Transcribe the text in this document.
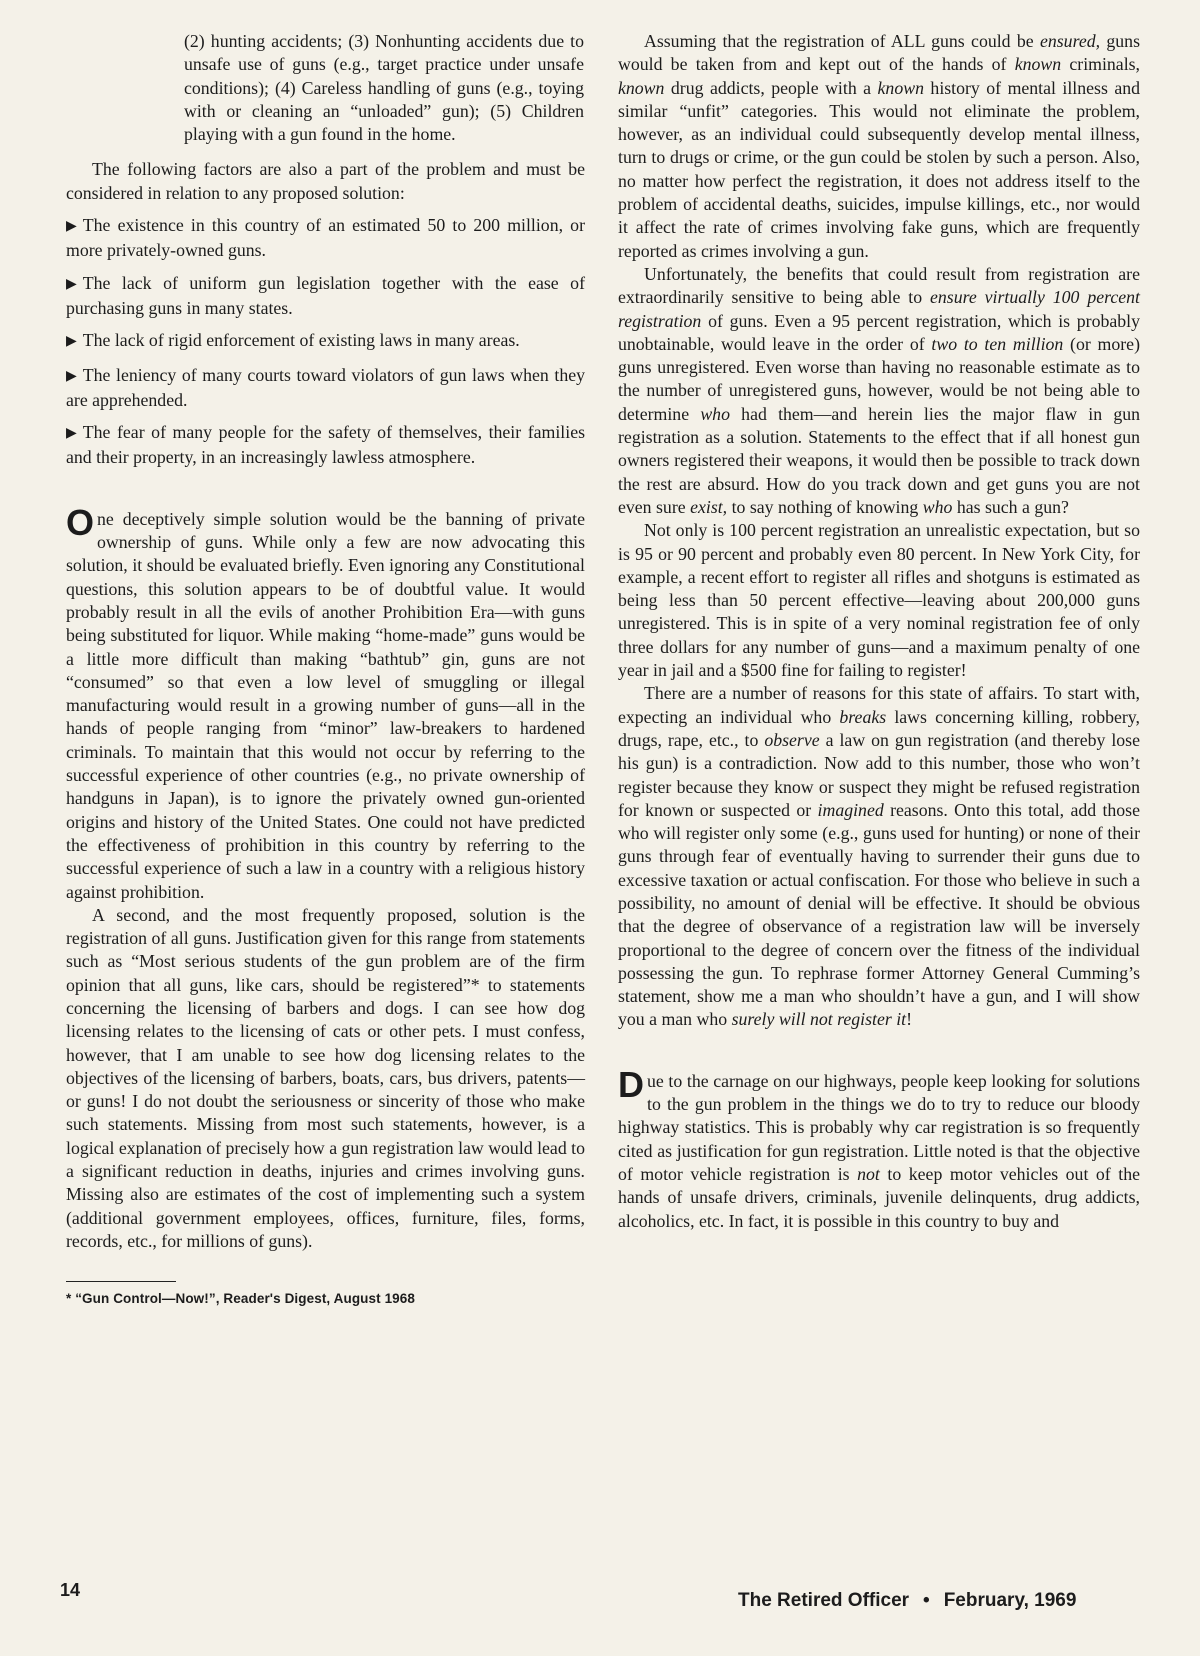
(2) hunting accidents; (3) Nonhunting accidents due to unsafe use of guns (e.g., target practice under unsafe conditions); (4) Careless handling of guns (e.g., toying with or cleaning an “unloaded” gun); (5) Children playing with a gun found in the home.

The following factors are also a part of the problem and must be considered in relation to any proposed solution:

▶ The existence in this country of an estimated 50 to 200 million, or more privately-owned guns.

▶ The lack of uniform gun legislation together with the ease of purchasing guns in many states.

▶ The lack of rigid enforcement of existing laws in many areas.

▶ The leniency of many courts toward violators of gun laws when they are apprehended.

▶ The fear of many people for the safety of themselves, their families and their property, in an increasingly lawless atmosphere.

One deceptively simple solution would be the banning of private ownership of guns. While only a few are now advocating this solution, it should be evaluated briefly. Even ignoring any Constitutional questions, this solution appears to be of doubtful value. It would probably result in all the evils of another Prohibition Era—with guns being substituted for liquor. While making “home-made” guns would be a little more difficult than making “bathtub” gin, guns are not “consumed” so that even a low level of smuggling or illegal manufacturing would result in a growing number of guns—all in the hands of people ranging from “minor” law-breakers to hardened criminals. To maintain that this would not occur by referring to the successful experience of other countries (e.g., no private ownership of handguns in Japan), is to ignore the privately owned gun-oriented origins and history of the United States. One could not have predicted the effectiveness of prohibition in this country by referring to the successful experience of such a law in a country with a religious history against prohibition.

A second, and the most frequently proposed, solution is the registration of all guns. Justification given for this range from statements such as “Most serious students of the gun problem are of the firm opinion that all guns, like cars, should be registered”* to statements concerning the licensing of barbers and dogs. I can see how dog licensing relates to the licensing of cats or other pets. I must confess, however, that I am unable to see how dog licensing relates to the objectives of the licensing of barbers, boats, cars, bus drivers, patents—or guns! I do not doubt the seriousness or sincerity of those who make such statements. Missing from most such statements, however, is a logical explanation of precisely how a gun registration law would lead to a significant reduction in deaths, injuries and crimes involving guns. Missing also are estimates of the cost of implementing such a system (additional government employees, offices, furniture, files, forms, records, etc., for millions of guns).

* “Gun Control—Now!”, Reader's Digest, August 1968

Assuming that the registration of ALL guns could be ensured, guns would be taken from and kept out of the hands of known criminals, known drug addicts, people with a known history of mental illness and similar “unfit” categories. This would not eliminate the problem, however, as an individual could subsequently develop mental illness, turn to drugs or crime, or the gun could be stolen by such a person. Also, no matter how perfect the registration, it does not address itself to the problem of accidental deaths, suicides, impulse killings, etc., nor would it affect the rate of crimes involving fake guns, which are frequently reported as crimes involving a gun.

Unfortunately, the benefits that could result from registration are extraordinarily sensitive to being able to ensure virtually 100 percent registration of guns. Even a 95 percent registration, which is probably unobtainable, would leave in the order of two to ten million (or more) guns unregistered. Even worse than having no reasonable estimate as to the number of unregistered guns, however, would be not being able to determine who had them—and herein lies the major flaw in gun registration as a solution. Statements to the effect that if all honest gun owners registered their weapons, it would then be possible to track down the rest are absurd. How do you track down and get guns you are not even sure exist, to say nothing of knowing who has such a gun?

Not only is 100 percent registration an unrealistic expectation, but so is 95 or 90 percent and probably even 80 percent. In New York City, for example, a recent effort to register all rifles and shotguns is estimated as being less than 50 percent effective—leaving about 200,000 guns unregistered. This is in spite of a very nominal registration fee of only three dollars for any number of guns—and a maximum penalty of one year in jail and a $500 fine for failing to register!

There are a number of reasons for this state of affairs. To start with, expecting an individual who breaks laws concerning killing, robbery, drugs, rape, etc., to observe a law on gun registration (and thereby lose his gun) is a contradiction. Now add to this number, those who won’t register because they know or suspect they might be refused registration for known or suspected or imagined reasons. Onto this total, add those who will register only some (e.g., guns used for hunting) or none of their guns through fear of eventually having to surrender their guns due to excessive taxation or actual confiscation. For those who believe in such a possibility, no amount of denial will be effective. It should be obvious that the degree of observance of a registration law will be inversely proportional to the degree of concern over the fitness of the individual possessing the gun. To rephrase former Attorney General Cumming’s statement, show me a man who shouldn’t have a gun, and I will show you a man who surely will not register it!

Due to the carnage on our highways, people keep looking for solutions to the gun problem in the things we do to try to reduce our bloody highway statistics. This is probably why car registration is so frequently cited as justification for gun registration. Little noted is that the objective of motor vehicle registration is not to keep motor vehicles out of the hands of unsafe drivers, criminals, juvenile delinquents, drug addicts, alcoholics, etc. In fact, it is possible in this country to buy and

14	The Retired Officer • February, 1969
